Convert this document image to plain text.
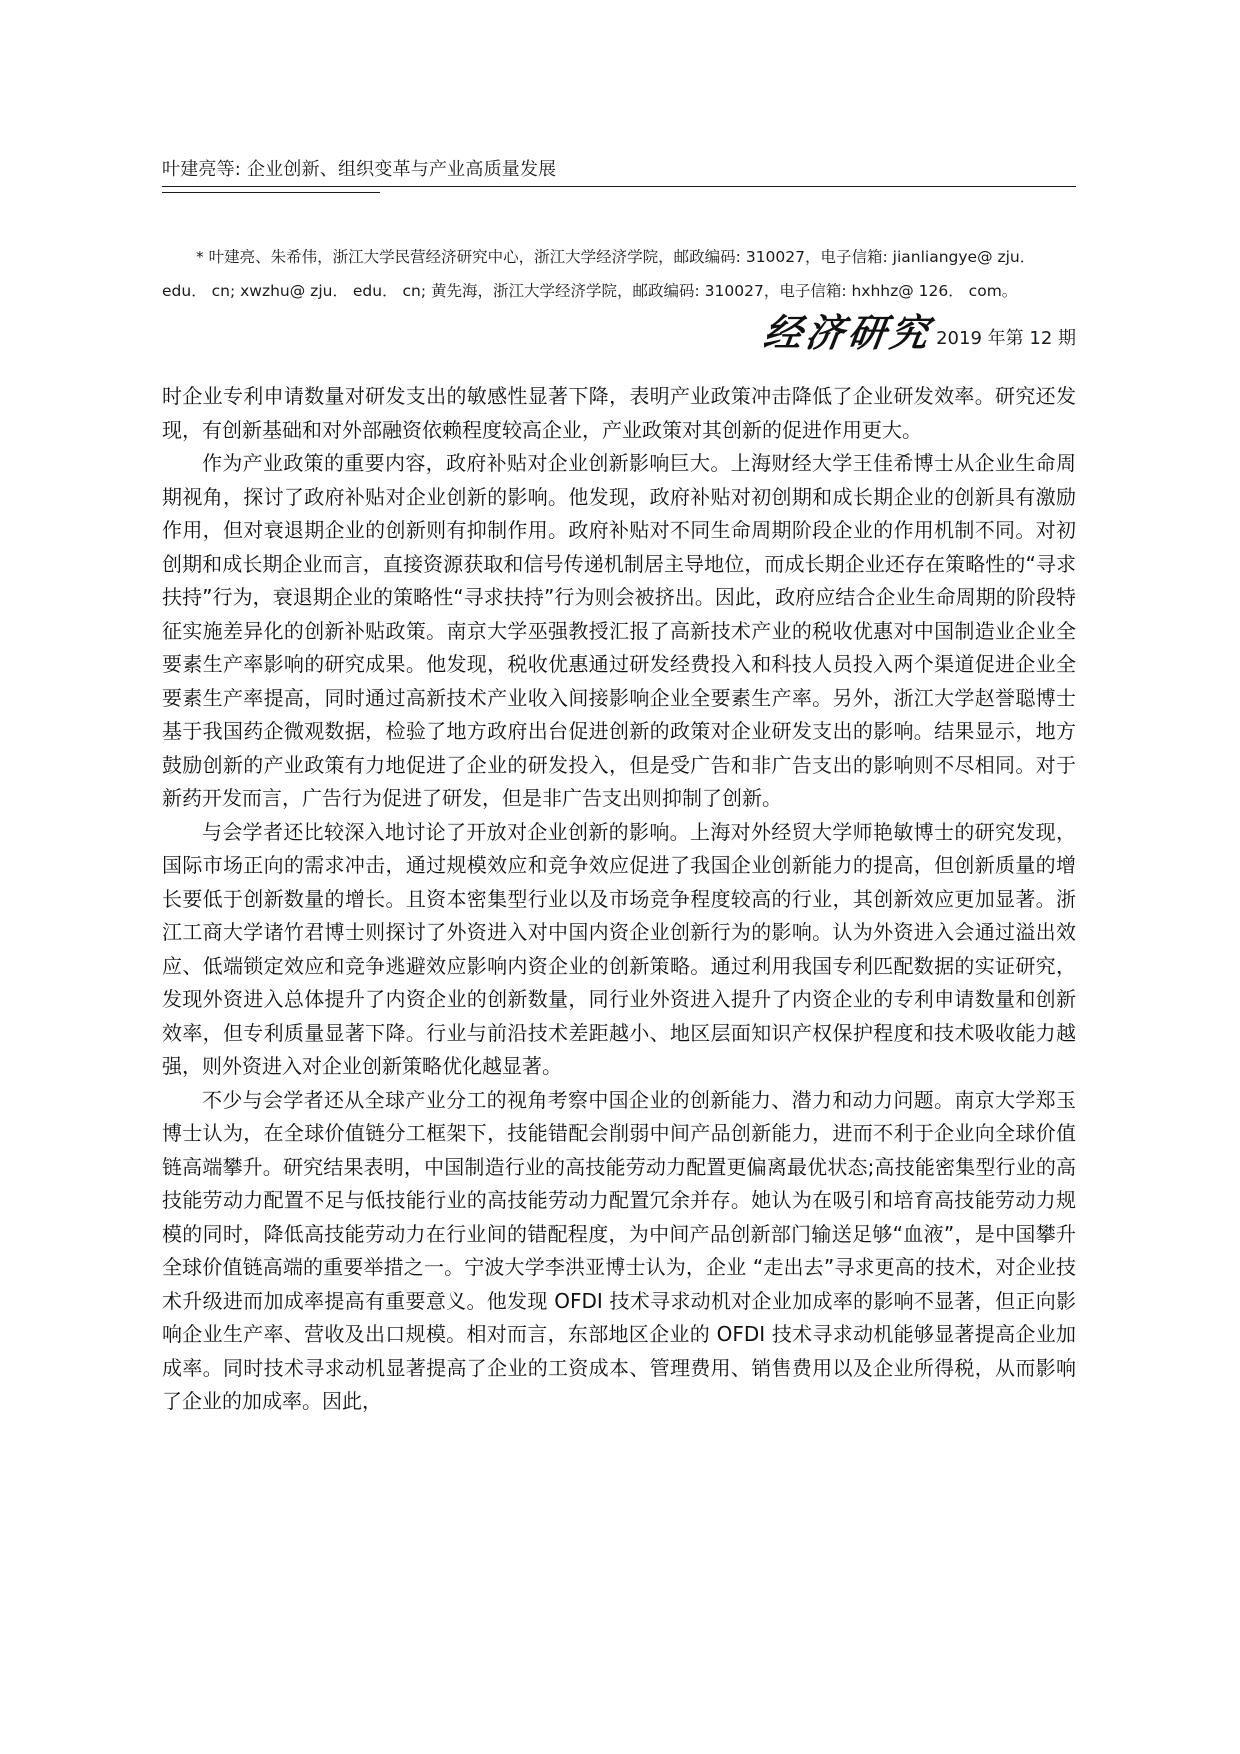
叶建亮等: 企业创新、组织变革与产业高质量发展

* 叶建亮、朱希伟，浙江大学民营经济研究中心，浙江大学经济学院，邮政编码: 310027，电子信箱: jianliangye@ zju．

edu． cn; xwzhu@ zju． edu． cn; 黄先海，浙江大学经济学院，邮政编码: 310027，电子信箱: hxhhz@ 126． com。

经济研究 2019 年第 12 期

时企业专利申请数量对研发支出的敏感性显著下降，表明产业政策冲击降低了企业研发效率。研究还发现，有创新基础和对外部融资依赖程度较高企业，产业政策对其创新的促进作用更大。

作为产业政策的重要内容，政府补贴对企业创新影响巨大。上海财经大学王佳希博士从企业生命周期视角，探讨了政府补贴对企业创新的影响。他发现，政府补贴对初创期和成长期企业的创新具有激励作用，但对衰退期企业的创新则有抑制作用。政府补贴对不同生命周期阶段企业的作用机制不同。对初创期和成长期企业而言，直接资源获取和信号传递机制居主导地位，而成长期企业还存在策略性的“寻求扶持”行为，衰退期企业的策略性“寻求扶持”行为则会被挤出。因此，政府应结合企业生命周期的阶段特征实施差异化的创新补贴政策。南京大学巫强教授汇报了高新技术产业的税收优惠对中国制造业企业全要素生产率影响的研究成果。他发现，税收优惠通过研发经费投入和科技人员投入两个渠道促进企业全要素生产率提高，同时通过高新技术产业收入间接影响企业全要素生产率。另外，浙江大学赵誉聪博士基于我国药企微观数据，检验了地方政府出台促进创新的政策对企业研发支出的影响。结果显示，地方鼓励创新的产业政策有力地促进了企业的研发投入，但是受广告和非广告支出的影响则不尽相同。对于新药开发而言，广告行为促进了研发，但是非广告支出则抑制了创新。

与会学者还比较深入地讨论了开放对企业创新的影响。上海对外经贸大学师艳敏博士的研究发现，国际市场正向的需求冲击，通过规模效应和竞争效应促进了我国企业创新能力的提高，但创新质量的增长要低于创新数量的增长。且资本密集型行业以及市场竞争程度较高的行业，其创新效应更加显著。浙江工商大学诸竹君博士则探讨了外资进入对中国内资企业创新行为的影响。认为外资进入会通过溢出效应、低端锁定效应和竞争逃避效应影响内资企业的创新策略。通过利用我国专利匹配数据的实证研究，发现外资进入总体提升了内资企业的创新数量，同行业外资进入提升了内资企业的专利申请数量和创新效率，但专利质量显著下降。行业与前沿技术差距越小、地区层面知识产权保护程度和技术吸收能力越强，则外资进入对企业创新策略优化越显著。

不少与会学者还从全球产业分工的视角考察中国企业的创新能力、潜力和动力问题。南京大学郑玉博士认为，在全球价值链分工框架下，技能错配会削弱中间产品创新能力，进而不利于企业向全球价值链高端攀升。研究结果表明，中国制造行业的高技能劳动力配置更偏离最优状态;高技能密集型行业的高技能劳动力配置不足与低技能行业的高技能劳动力配置冗余并存。她认为在吸引和培育高技能劳动力规模的同时，降低高技能劳动力在行业间的错配程度，为中间产品创新部门输送足够“血液”，是中国攀升全球价值链高端的重要举措之一。宁波大学李洪亚博士认为，企业 “走出去”寻求更高的技术，对企业技术升级进而加成率提高有重要意义。他发现 OFDI 技术寻求动机对企业加成率的影响不显著，但正向影响企业生产率、营收及出口规模。相对而言，东部地区企业的 OFDI 技术寻求动机能够显著提高企业加成率。同时技术寻求动机显著提高了企业的工资成本、管理费用、销售费用以及企业所得税，从而影响了企业的加成率。因此，
